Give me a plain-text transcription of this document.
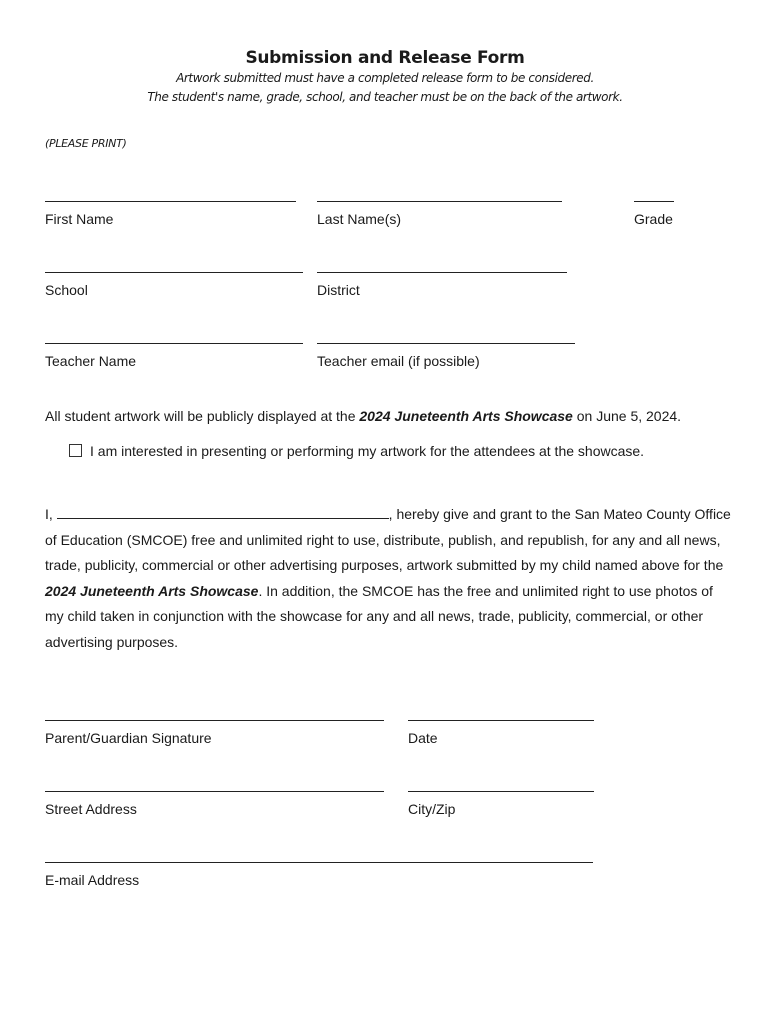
Submission and Release Form
Artwork submitted must have a completed release form to be considered.
The student's name, grade, school, and teacher must be on the back of the artwork.
(PLEASE PRINT)
First Name	Last Name(s)	Grade
School	District
Teacher Name	Teacher email (if possible)
All student artwork will be publicly displayed at the 2024 Juneteenth Arts Showcase on June 5, 2024.
I am interested in presenting or performing my artwork for the attendees at the showcase.
I,	, hereby give and grant to the San Mateo County Office of Education (SMCOE) free and unlimited right to use, distribute, publish, and republish, for any and all news, trade, publicity, commercial or other advertising purposes, artwork submitted by my child named above for the 2024 Juneteenth Arts Showcase. In addition, the SMCOE has the free and unlimited right to use photos of my child taken in conjunction with the showcase for any and all news, trade, publicity, commercial, or other advertising purposes.
Parent/Guardian Signature	Date
Street Address	City/Zip
E-mail Address
